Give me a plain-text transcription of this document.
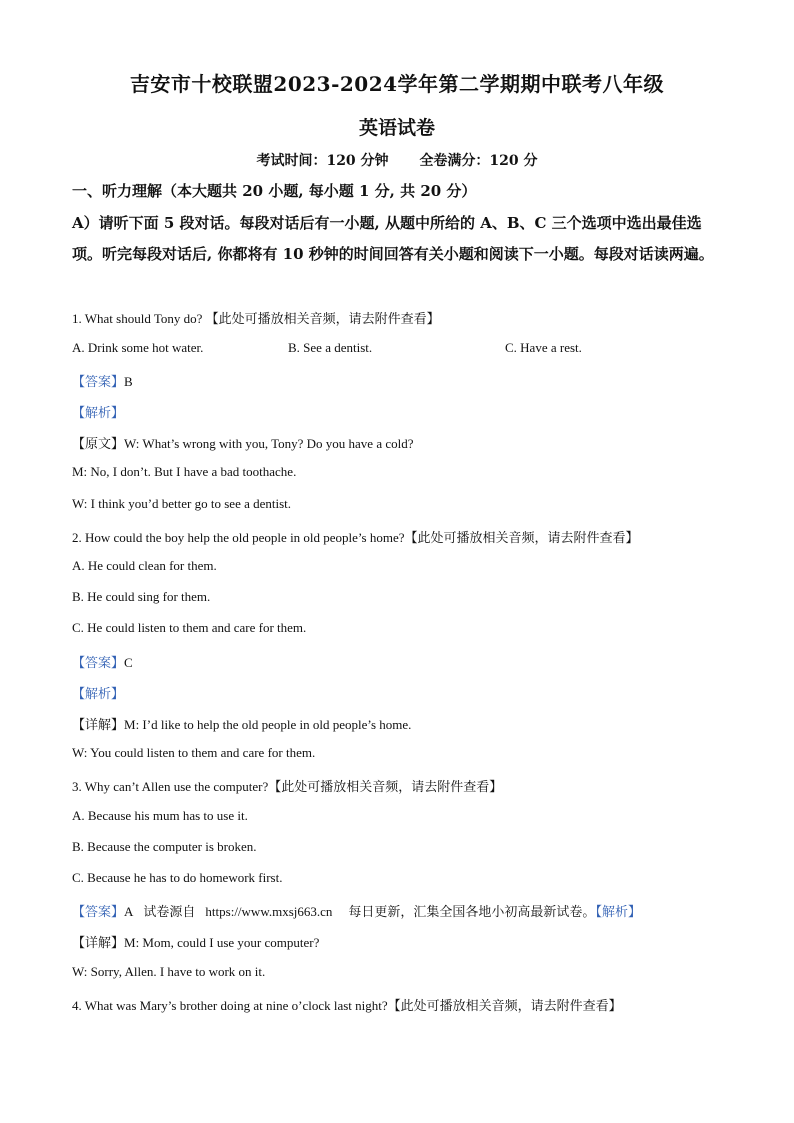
吉安市十校联盟2023-2024学年第二学期期中联考八年级
英语试卷
考试时间：120 分钟 全卷满分：120 分
一、听力理解（本大题共 20 小题, 每小题 1 分, 共 20 分）
A）请听下面 5 段对话。每段对话后有一小题, 从题中所给的 A、B、C 三个选项中选出最佳选项。听完每段对话后, 你都将有 10 秒钟的时间回答有关小题和阅读下一小题。每段对话读两遍。
1. What should Tony do? 【此处可播放相关音频，请去附件查看】
A. Drink some hot water.	B. See a dentist.	C. Have a rest.
【答案】B
【解析】
【原文】W: What’s wrong with you, Tony? Do you have a cold?
M: No, I don’t. But I have a bad toothache.
W: I think you’d better go to see a dentist.
2. How could the boy help the old people in old people’s home?【此处可播放相关音频，请去附件查看】
A. He could clean for them.
B. He could sing for them.
C. He could listen to them and care for them.
【答案】C
【解析】
【详解】M: I’d like to help the old people in old people’s home.
W: You could listen to them and care for them.
3. Why can’t Allen use the computer?【此处可播放相关音频，请去附件查看】
A. Because his mum has to use it.
B. Because the computer is broken.
C. Because he has to do homework first.
【答案】A 试卷源自 https://www.mxsj663.cn 每日更新，汇集全国各地小初高最新试卷。【解析】
【详解】M: Mom, could I use your computer?
W: Sorry, Allen. I have to work on it.
4. What was Mary’s brother doing at nine o’clock last night?【此处可播放相关音频，请去附件查看】
